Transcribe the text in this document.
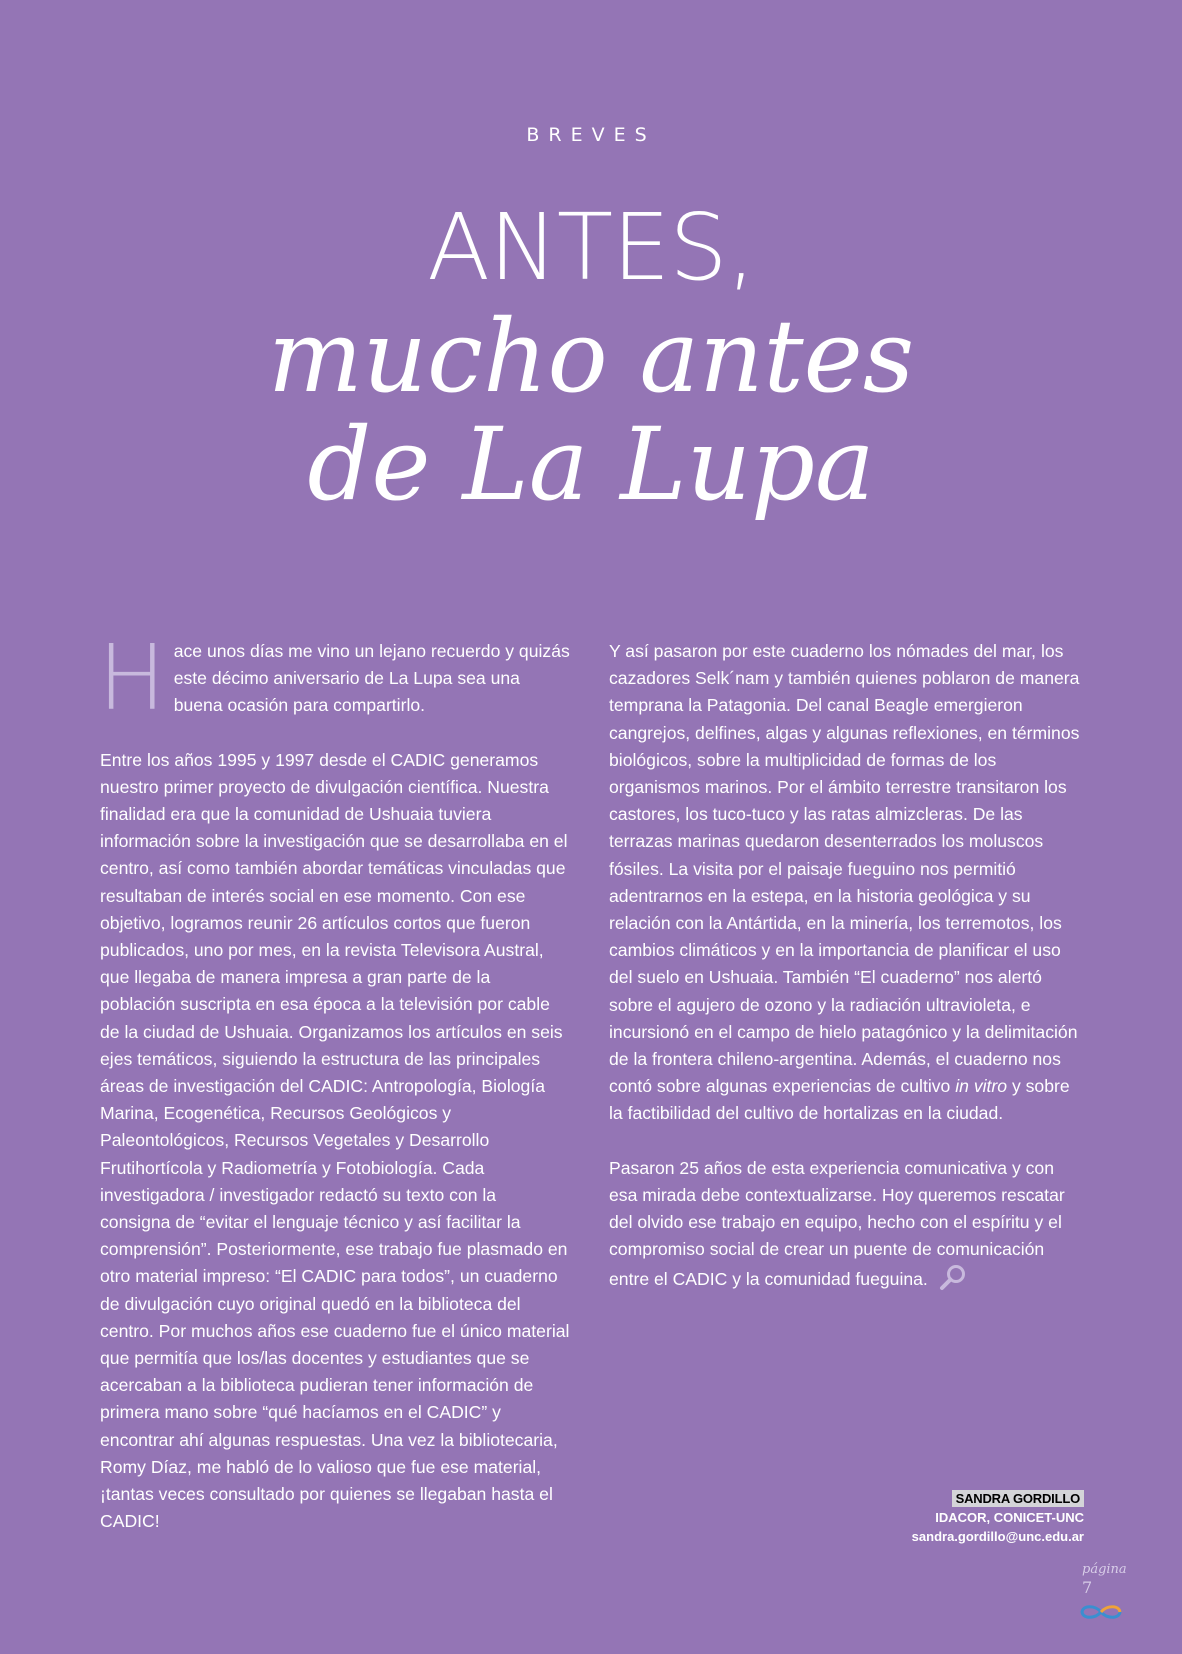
BREVES
ANTES,
mucho antes
de La Lupa

Hace unos días me vino un lejano recuerdo y quizás este décimo aniversario de La Lupa sea una buena ocasión para compartirlo.

Entre los años 1995 y 1997 desde el CADIC generamos nuestro primer proyecto de divulgación científica. Nuestra finalidad era que la comunidad de Ushuaia tuviera información sobre la investigación que se desarrollaba en el centro, así como también abordar temáticas vinculadas que resultaban de interés social en ese momento. Con ese objetivo, logramos reunir 26 artículos cortos que fueron publicados, uno por mes, en la revista Televisora Austral, que llegaba de manera impresa a gran parte de la población suscripta en esa época a la televisión por cable de la ciudad de Ushuaia. Organizamos los artículos en seis ejes temáticos, siguiendo la estructura de las principales áreas de investigación del CADIC: Antropología, Biología Marina, Ecogenética, Recursos Geológicos y Paleontológicos, Recursos Vegetales y Desarrollo Frutihortícola y Radiometría y Fotobiología. Cada investigadora / investigador redactó su texto con la consigna de “evitar el lenguaje técnico y así facilitar la comprensión”. Posteriormente, ese trabajo fue plasmado en otro material impreso: “El CADIC para todos”, un cuaderno de divulgación cuyo original quedó en la biblioteca del centro. Por muchos años ese cuaderno fue el único material que permitía que los/las docentes y estudiantes que se acercaban a la biblioteca pudieran tener información de primera mano sobre “qué hacíamos en el CADIC” y encontrar ahí algunas respuestas. Una vez la bibliotecaria, Romy Díaz, me habló de lo valioso que fue ese material, ¡tantas veces consultado por quienes se llegaban hasta el CADIC!

Y así pasaron por este cuaderno los nómades del mar, los cazadores Selk´nam y también quienes poblaron de manera temprana la Patagonia. Del canal Beagle emergieron cangrejos, delfines, algas y algunas reflexiones, en términos biológicos, sobre la multiplicidad de formas de los organismos marinos. Por el ámbito terrestre transitaron los castores, los tuco-tuco y las ratas almizcleras. De las terrazas marinas quedaron desenterrados los moluscos fósiles. La visita por el paisaje fueguino nos permitió adentrarnos en la estepa, en la historia geológica y su relación con la Antártida, en la minería, los terremotos, los cambios climáticos y en la importancia de planificar el uso del suelo en Ushuaia. También “El cuaderno” nos alertó sobre el agujero de ozono y la radiación ultravioleta, e incursionó en el campo de hielo patagónico y la delimitación de la frontera chileno-argentina. Además, el cuaderno nos contó sobre algunas experiencias de cultivo in vitro y sobre la factibilidad del cultivo de hortalizas en la ciudad.

Pasaron 25 años de esta experiencia comunicativa y con esa mirada debe contextualizarse. Hoy queremos rescatar del olvido ese trabajo en equipo, hecho con el espíritu y el compromiso social de crear un puente de comunicación entre el CADIC y la comunidad fueguina.

SANDRA GORDILLO
IDACOR, CONICET-UNC
sandra.gordillo@unc.edu.ar
página
7
